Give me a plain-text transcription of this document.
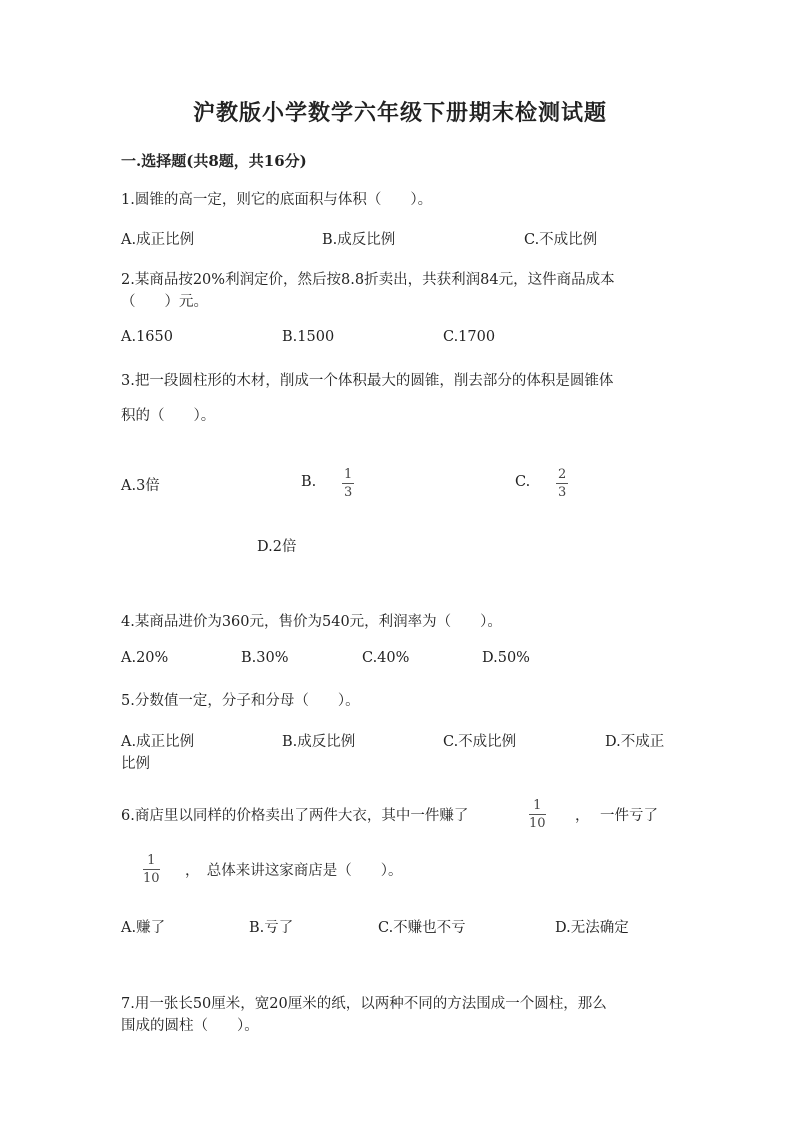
沪教版小学数学六年级下册期末检测试题
一.选择题(共8题，共16分)
1.圆锥的高一定，则它的底面积与体积（　　）。
A.成正比例	B.成反比例	C.不成比例
2.某商品按20%利润定价，然后按8.8折卖出，共获利润84元，这件商品成本
（　　）元。
A.1650	B.1500	C.1700
3.把一段圆柱形的木材，削成一个体积最大的圆锥，削去部分的体积是圆锥体
积的（　　）。
A.3倍	B. 1
3
C. 2
3
D.2倍
4.某商品进价为360元，售价为540元，利润率为（　　）。
A.20%	B.30%	C.40%	D.50%
5.分数值一定，分子和分母（　　）。
A.成正比例	B.成反比例	C.不成比例	D.不成正
比例
6.商店里以同样的价格卖出了两件大衣，其中一件赚了
1
10 ， 一件亏了
1
10 ，　总体来讲这家商店是（　　）。
A.赚了	B.亏了	C.不赚也不亏	D.无法确定
7.用一张长50厘米，宽20厘米的纸，以两种不同的方法围成一个圆柱，那么
围成的圆柱（　　）。
